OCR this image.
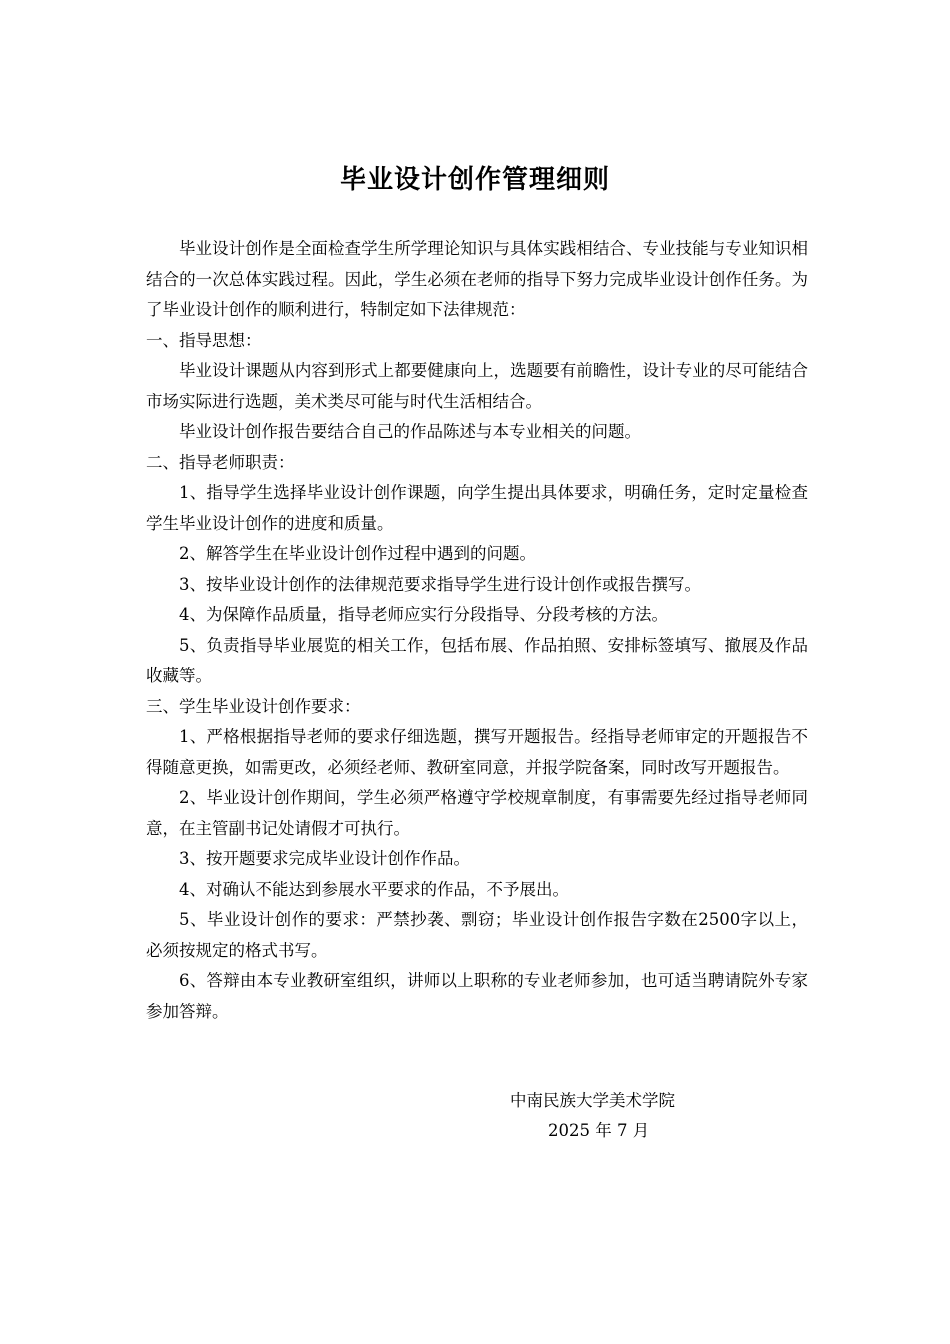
毕业设计创作管理细则

毕业设计创作是全面检查学生所学理论知识与具体实践相结合、专业技能与专业知识相结合的一次总体实践过程。因此，学生必须在老师的指导下努力完成毕业设计创作任务。为了毕业设计创作的顺利进行，特制定如下法律规范：

一、指导思想：

毕业设计课题从内容到形式上都要健康向上，选题要有前瞻性，设计专业的尽可能结合市场实际进行选题，美术类尽可能与时代生活相结合。

毕业设计创作报告要结合自己的作品陈述与本专业相关的问题。

二、指导老师职责：

1、指导学生选择毕业设计创作课题，向学生提出具体要求，明确任务，定时定量检查学生毕业设计创作的进度和质量。

2、解答学生在毕业设计创作过程中遇到的问题。

3、按毕业设计创作的法律规范要求指导学生进行设计创作或报告撰写。

4、为保障作品质量，指导老师应实行分段指导、分段考核的方法。

5、负责指导毕业展览的相关工作，包括布展、作品拍照、安排标签填写、撤展及作品收藏等。

三、学生毕业设计创作要求：

1、严格根据指导老师的要求仔细选题，撰写开题报告。经指导老师审定的开题报告不得随意更换，如需更改，必须经老师、教研室同意，并报学院备案，同时改写开题报告。

2、毕业设计创作期间，学生必须严格遵守学校规章制度，有事需要先经过指导老师同意，在主管副书记处请假才可执行。

3、按开题要求完成毕业设计创作作品。

4、对确认不能达到参展水平要求的作品，不予展出。

5、毕业设计创作的要求：严禁抄袭、剽窃；毕业设计创作报告字数在2500字以上，必须按规定的格式书写。

6、答辩由本专业教研室组织，讲师以上职称的专业老师参加，也可适当聘请院外专家参加答辩。

中南民族大学美术学院
2025 年 7 月
